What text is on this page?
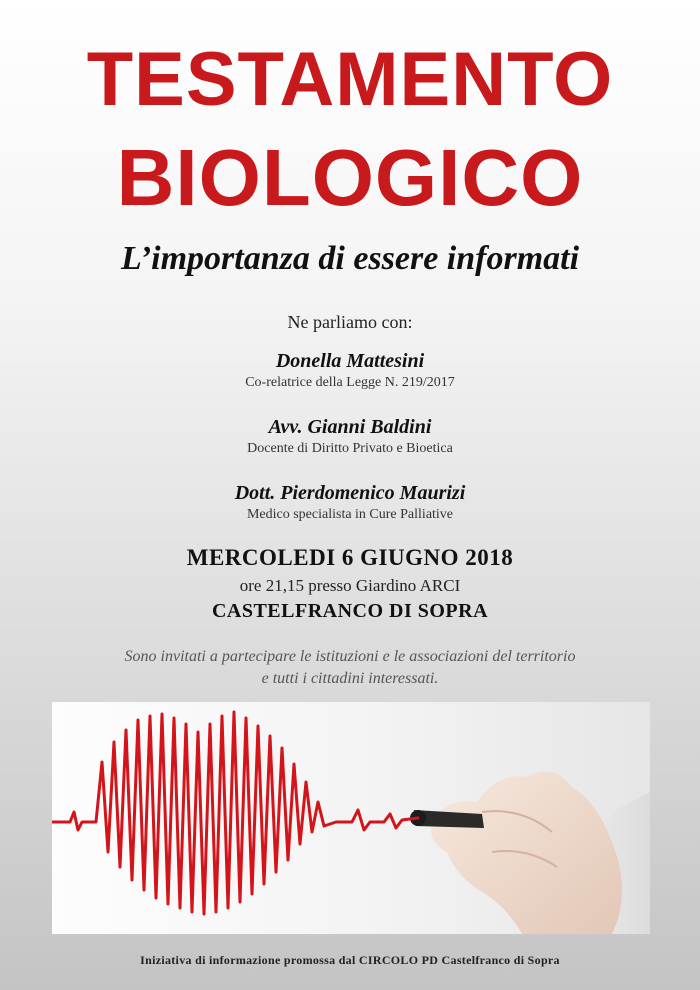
TESTAMENTO
BIOLOGICO
L’importanza di essere informati
Ne parliamo con:
Donella Mattesini
Co-relatrice della Legge N. 219/2017
Avv. Gianni Baldini
Docente di Diritto Privato e Bioetica
Dott. Pierdomenico Maurizi
Medico specialista in Cure Palliative
MERCOLEDI 6 GIUGNO 2018
ore 21,15 presso Giardino ARCI
CASTELFRANCO DI SOPRA
Sono invitati a partecipare le istituzioni e le associazioni del territorio
e tutti i cittadini interessati.
Iniziativa di informazione promossa dal CIRCOLO PD Castelfranco di Sopra
